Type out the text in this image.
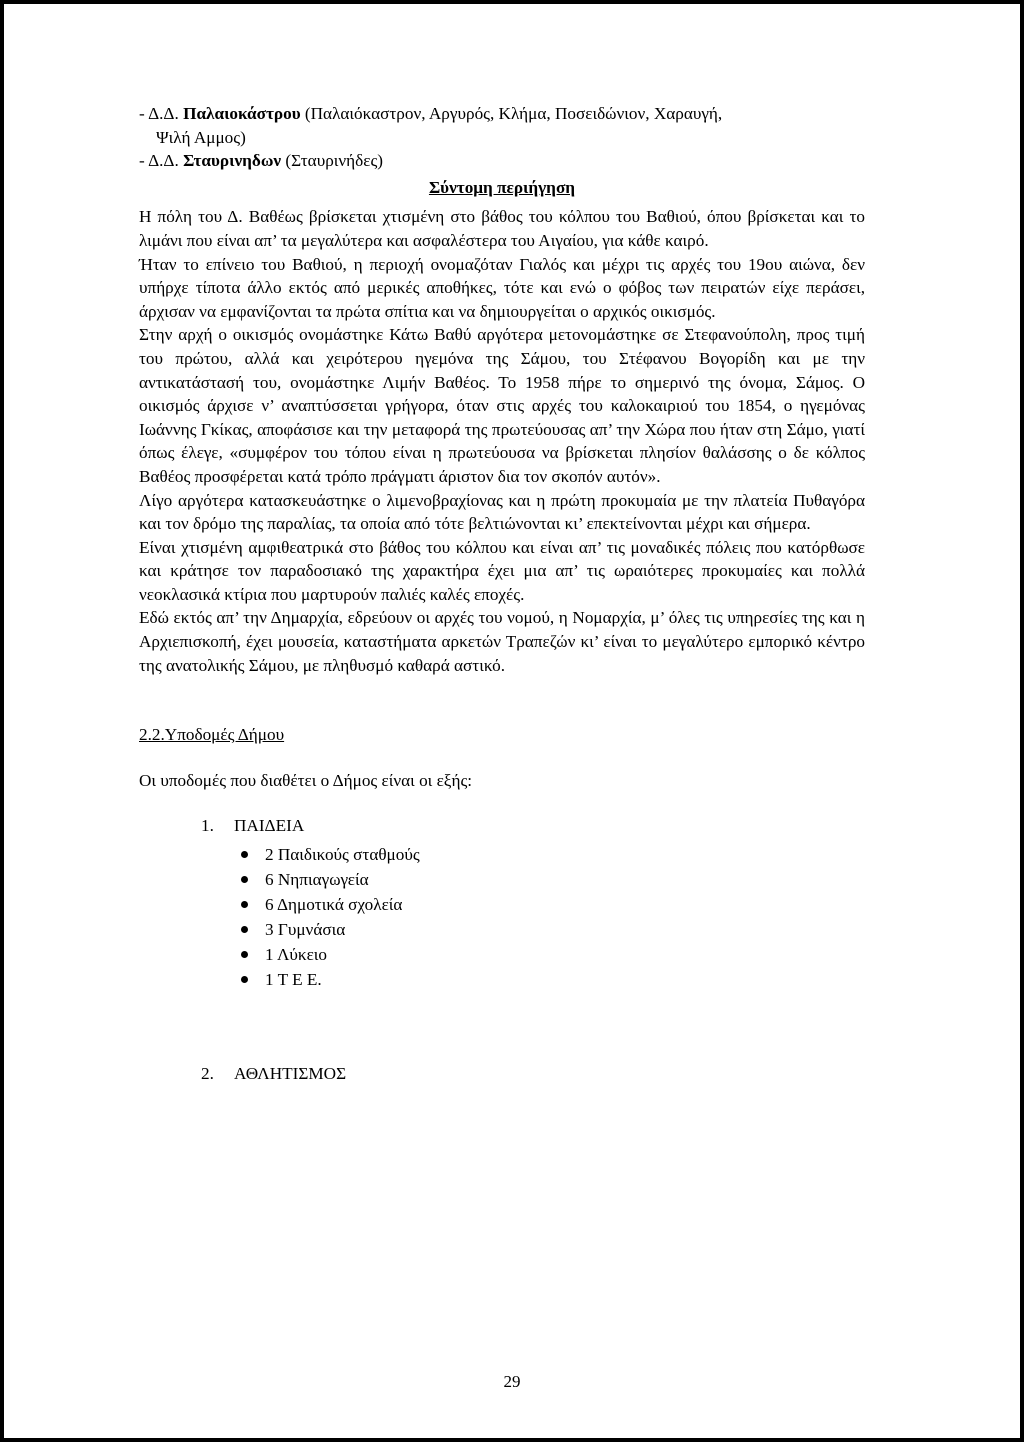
- Δ.Δ. Παλαιοκάστρου (Παλαιόκαστρον, Αργυρός, Κλήμα, Ποσειδώνιον, Χαραυγή,

Ψιλή Αμμος)

- Δ.Δ. Σταυρινηδων (Σταυρινήδες)

Σύντομη περιήγηση

Η πόλη του Δ. Βαθέως βρίσκεται χτισμένη στο βάθος του κόλπου του Βαθιού, όπου βρίσκεται και το λιμάνι που είναι απ’ τα μεγαλύτερα και ασφαλέστερα του Αιγαίου, για κάθε καιρό.

Ήταν το επίνειο του Βαθιού, η περιοχή ονομαζόταν Γιαλός και μέχρι τις αρχές του 19ου αιώνα, δεν υπήρχε τίποτα άλλο εκτός από μερικές αποθήκες, τότε και ενώ ο φόβος των πειρατών είχε περάσει, άρχισαν να εμφανίζονται τα πρώτα σπίτια και να δημιουργείται ο αρχικός οικισμός.

Στην αρχή ο οικισμός ονομάστηκε Κάτω Βαθύ αργότερα μετονομάστηκε σε Στεφανούπολη, προς τιμή του πρώτου, αλλά και χειρότερου ηγεμόνα της Σάμου, του Στέφανου Βογορίδη και με την αντικατάστασή του, ονομάστηκε Λιμήν Βαθέος. Το 1958 πήρε το σημερινό της όνομα, Σάμος. Ο οικισμός άρχισε ν’ αναπτύσσεται γρήγορα, όταν στις αρχές του καλοκαιριού του 1854, ο ηγεμόνας Ιωάννης Γκίκας, αποφάσισε και την μεταφορά της πρωτεύουσας απ’ την Χώρα που ήταν στη Σάμο, γιατί όπως έλεγε, «συμφέρον του τόπου είναι η πρωτεύουσα να βρίσκεται πλησίον θαλάσσης ο δε κόλπος Βαθέος προσφέρεται κατά τρόπο πράγματι άριστον δια τον σκοπόν αυτόν».

Λίγο αργότερα κατασκευάστηκε ο λιμενοβραχίονας και η πρώτη προκυμαία με την πλατεία Πυθαγόρα και τον δρόμο της παραλίας, τα οποία από τότε βελτιώνονται κι’ επεκτείνονται μέχρι και σήμερα.

Είναι χτισμένη αμφιθεατρικά στο βάθος του κόλπου και είναι απ’ τις μοναδικές πόλεις που κατόρθωσε και κράτησε τον παραδοσιακό της χαρακτήρα έχει μια απ’ τις ωραιότερες προκυμαίες και πολλά νεοκλασικά κτίρια που μαρτυρούν παλιές καλές εποχές.

Εδώ εκτός απ’ την Δημαρχία, εδρεύουν οι αρχές του νομού, η Νομαρχία, μ’ όλες τις υπηρεσίες της και η Αρχιεπισκοπή, έχει μουσεία, καταστήματα αρκετών Τραπεζών κι’ είναι το μεγαλύτερο εμπορικό κέντρο της ανατολικής Σάμου, με πληθυσμό καθαρά αστικό.

2.2.Υποδομές Δήμου

Οι υποδομές που διαθέτει ο Δήμος είναι οι εξής:

1. ΠΑΙΔΕΙΑ
2 Παιδικούς σταθμούς
6 Νηπιαγωγεία
6 Δημοτικά σχολεία
3 Γυμνάσια
1 Λύκειο
1 Τ Ε Ε.
2. ΑΘΛΗΤΙΣΜΟΣ
29
